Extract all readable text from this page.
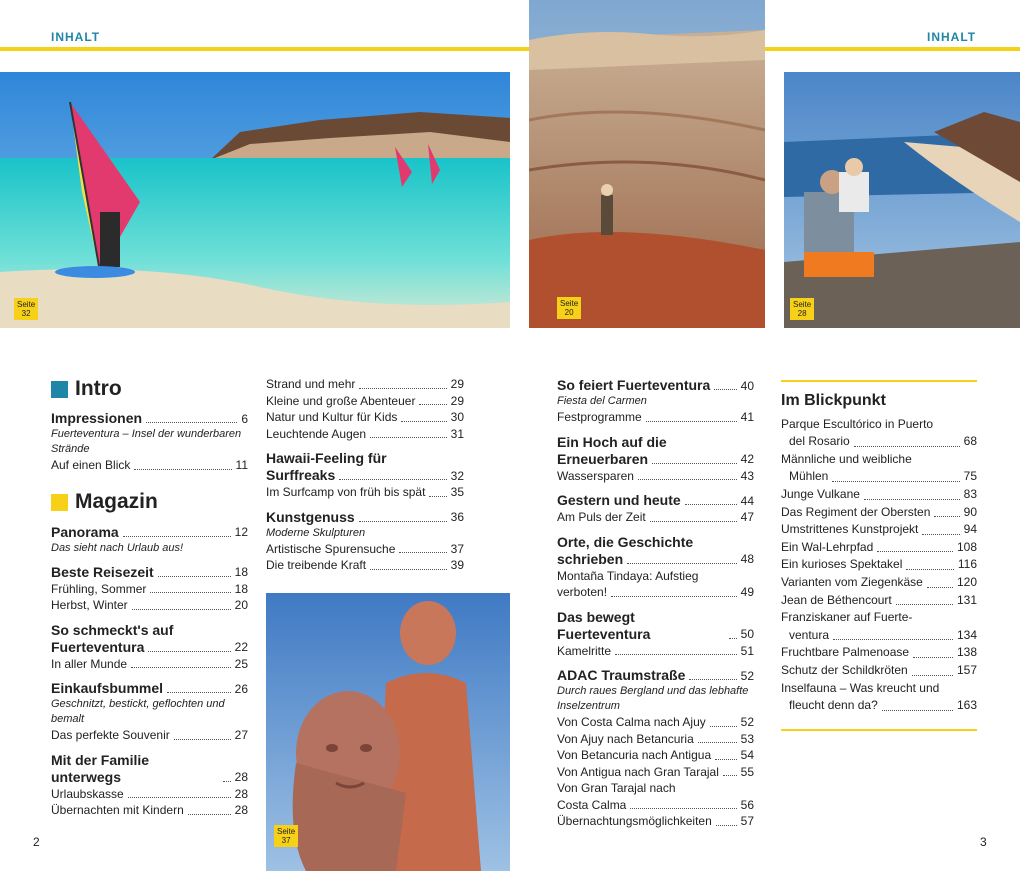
INHALT	INHALT
Seite
32
Seite
20
Seite
28
Seite
37
Intro
Impressionen	6
Fuerteventura – Insel der wunderbaren Strände
Auf einen Blick	11
Magazin
Panorama	12
Das sieht nach Urlaub aus!
Beste Reisezeit	18
Frühling, Sommer	18
Herbst, Winter	20
So schmeckt's auf
Fuerteventura	22
In aller Munde	25
Einkaufsbummel	26
Geschnitzt, bestickt, geflochten und bemalt
Das perfekte Souvenir	27
Mit der Familie unterwegs	28
Urlaubskasse	28
Übernachten mit Kindern	28
Strand und mehr	29
Kleine und große Abenteuer	29
Natur und Kultur für Kids	30
Leuchtende Augen	31
Hawaii-Feeling für
Surffreaks	32
Im Surfcamp von früh bis spät 35
Kunstgenuss	36
Moderne Skulpturen
Artistische Spurensuche	37
Die treibende Kraft	39
So feiert Fuerteventura	40
Fiesta del Carmen
Festprogramme	41
Ein Hoch auf die
Erneuerbaren	42
Wassersparen	43
Gestern und heute	44
Am Puls der Zeit	47
Orte, die Geschichte
schrieben	48
Montaña Tindaya: Aufstieg
verboten!	49
Das bewegt Fuerteventura	50
Kamelritte	51
ADAC Traumstraße	52
Durch raues Bergland und das lebhafte Inselzentrum
Von Costa Calma nach Ajuy	52
Von Ajuy nach Betancuria	53
Von Betancuria nach Antigua 54
Von Antigua nach Gran Tarajal 55
Von Gran Tarajal nach
Costa Calma	56
Übernachtungsmöglichkeiten 57
Im Blickpunkt
Parque Escultórico in Puerto
del Rosario	68
Männliche und weibliche
Mühlen	75
Junge Vulkane	83
Das Regiment der Obersten	90
Umstrittenes Kunstprojekt	94
Ein Wal-Lehrpfad	108
Ein kurioses Spektakel	116
Varianten vom Ziegenkäse	120
Jean de Béthencourt	131
Franziskaner auf Fuerte-
ventura	134
Fruchtbare Palmenoase	138
Schutz der Schildkröten	157
Inselfauna – Was kreucht und
fleucht denn da?	163
2	3
